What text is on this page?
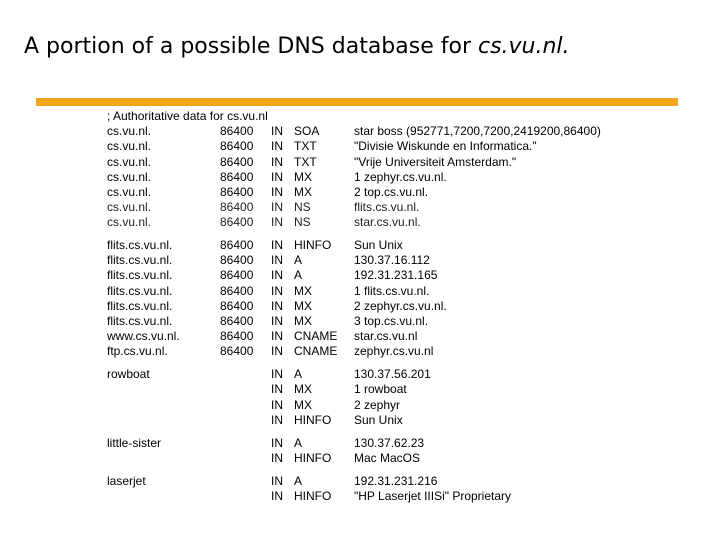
A portion of a possible DNS database for cs.vu.nl.
; Authoritative data for cs.vu.nl
cs.vu.nl.	86400 IN SOA	star boss (952771,7200,7200,2419200,86400)
cs.vu.nl.	86400 IN TXT	"Divisie Wiskunde en Informatica."
cs.vu.nl.	86400 IN TXT	"Vrije Universiteit Amsterdam."
cs.vu.nl.	86400 IN MX	1 zephyr.cs.vu.nl.
cs.vu.nl.	86400 IN MX	2 top.cs.vu.nl.
cs.vu.nl.	86400 IN NS	flits.cs.vu.nl.
cs.vu.nl.	86400 IN NS	star.cs.vu.nl.
flits.cs.vu.nl.	86400 IN HINFO Sun Unix
flits.cs.vu.nl.	86400 IN A	130.37.16.112
flits.cs.vu.nl.	86400 IN A	192.31.231.165
flits.cs.vu.nl.	86400 IN MX	1 flits.cs.vu.nl.
flits.cs.vu.nl.	86400 IN MX	2 zephyr.cs.vu.nl.
flits.cs.vu.nl.	86400 IN MX	3 top.cs.vu.nl.
www.cs.vu.nl.	86400 IN CNAME star.cs.vu.nl
ftp.cs.vu.nl.	86400 IN CNAME zephyr.cs.vu.nl
rowboat	IN A	130.37.56.201
IN MX	1 rowboat
IN MX	2 zephyr
IN HINFO Sun Unix
little-sister	IN A	130.37.62.23
IN HINFO Mac MacOS
laserjet	IN A	192.31.231.216
IN HINFO "HP Laserjet IIISi" Proprietary
